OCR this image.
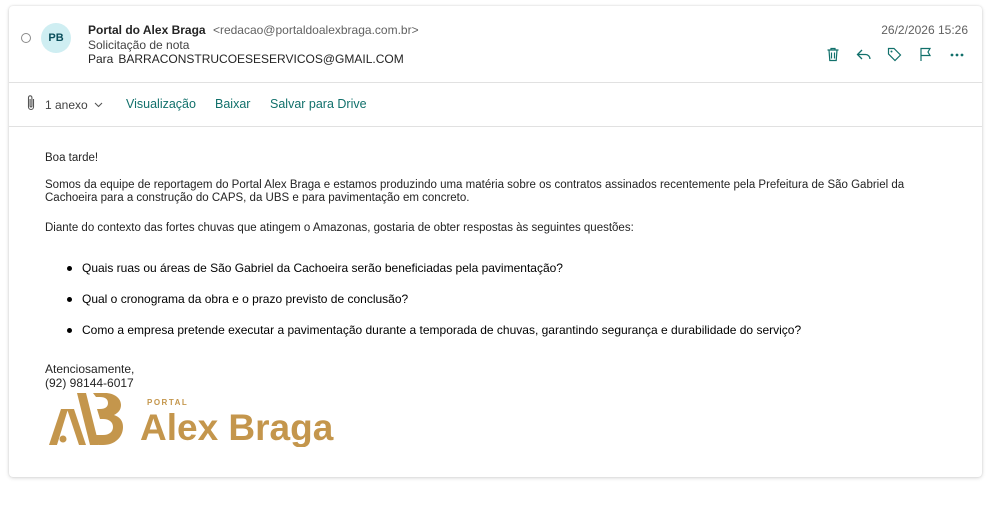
PB
Portal do Alex Braga <redacao@portaldoalexbraga.com.br>
Solicitação de nota
Para BARRACONSTRUCOESESERVICOS@GMAIL.COM
26/2/2026 15:26
1 anexo	Visualização Baixar Salvar para Drive
Boa tarde!
Somos da equipe de reportagem do Portal Alex Braga e estamos produzindo uma matéria sobre os contratos assinados recentemente pela Prefeitura de São Gabriel da Cachoeira para a construção do CAPS, da UBS e para pavimentação em concreto.
Diante do contexto das fortes chuvas que atingem o Amazonas, gostaria de obter respostas às seguintes questões:
Quais ruas ou áreas de São Gabriel da Cachoeira serão beneficiadas pela pavimentação?
Qual o cronograma da obra e o prazo previsto de conclusão?
Como a empresa pretende executar a pavimentação durante a temporada de chuvas, garantindo segurança e durabilidade do serviço?
Atenciosamente,
(92) 98144-6017
PORTAL
Alex Braga
